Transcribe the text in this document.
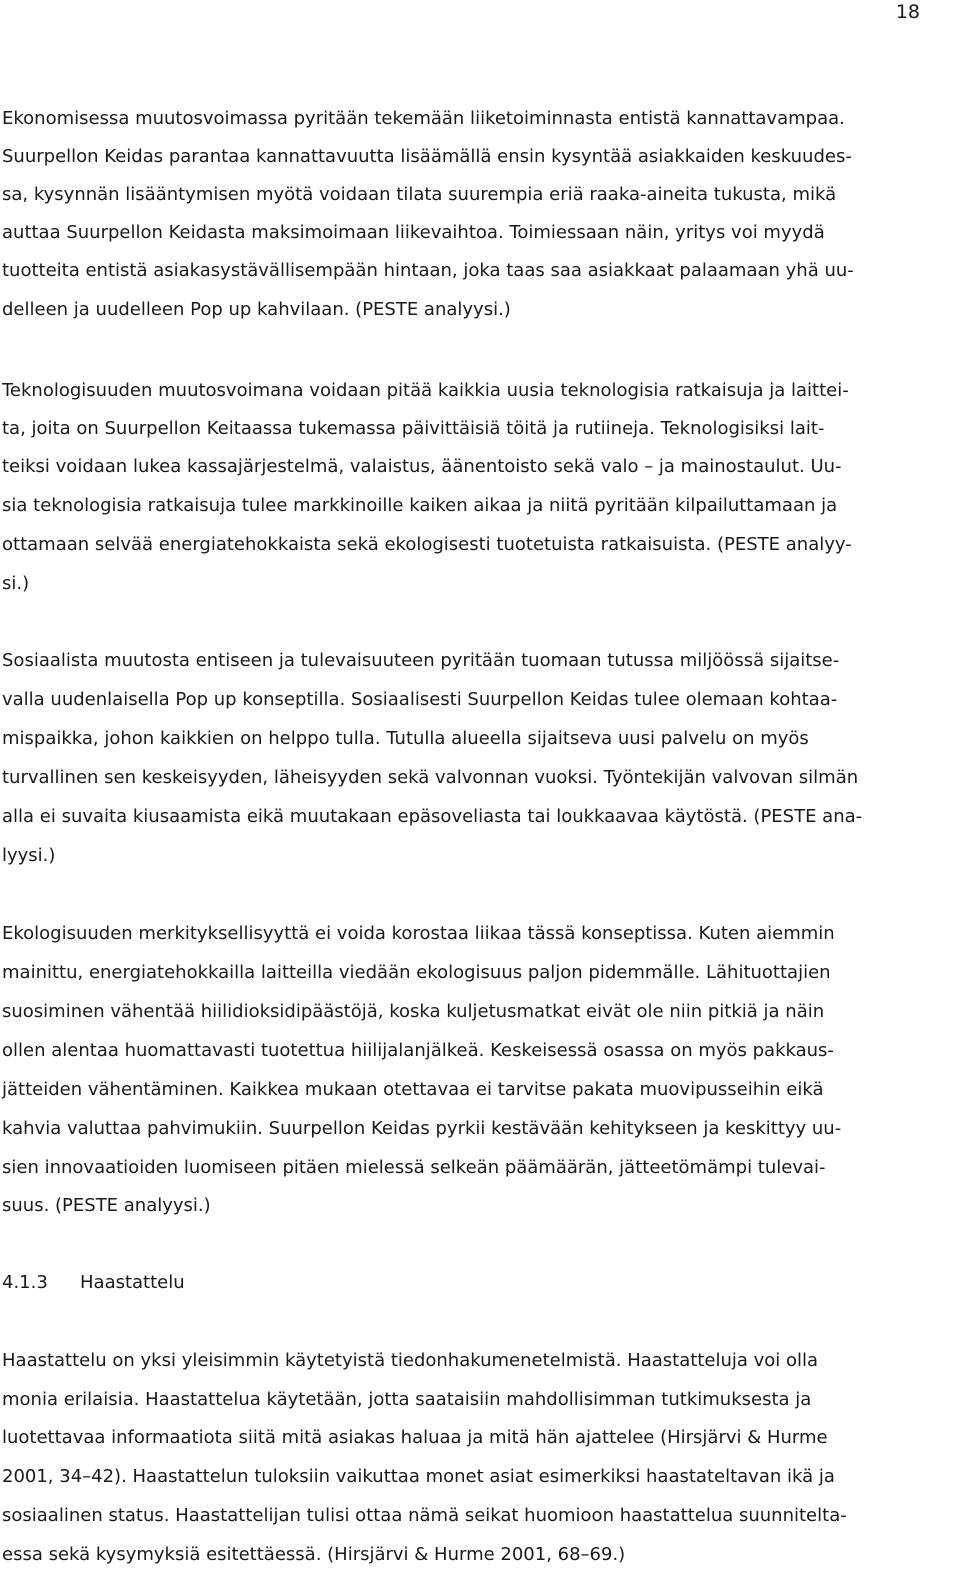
18
Ekonomisessa muutosvoimassa pyritään tekemään liiketoiminnasta entistä kannattavampaa.
Suurpellon Keidas parantaa kannattavuutta lisäämällä ensin kysyntää asiakkaiden keskuudes-
sa, kysynnän lisääntymisen myötä voidaan tilata suurempia eriä raaka-aineita tukusta, mikä
auttaa Suurpellon Keidasta maksimoimaan liikevaihtoa. Toimiessaan näin, yritys voi myydä
tuotteita entistä asiakasystävällisempään hintaan, joka taas saa asiakkaat palaamaan yhä uu-
delleen ja uudelleen Pop up kahvilaan. (PESTE analyysi.)
Teknologisuuden muutosvoimana voidaan pitää kaikkia uusia teknologisia ratkaisuja ja laittei-
ta, joita on Suurpellon Keitaassa tukemassa päivittäisiä töitä ja rutiineja. Teknologisiksi lait-
teiksi voidaan lukea kassajärjestelmä, valaistus, äänentoisto sekä valo – ja mainostaulut. Uu-
sia teknologisia ratkaisuja tulee markkinoille kaiken aikaa ja niitä pyritään kilpailuttamaan ja
ottamaan selvää energiatehokkaista sekä ekologisesti tuotetuista ratkaisuista. (PESTE analyy-
si.)
Sosiaalista muutosta entiseen ja tulevaisuuteen pyritään tuomaan tutussa miljöössä sijaitse-
valla uudenlaisella Pop up konseptilla. Sosiaalisesti Suurpellon Keidas tulee olemaan kohtaa-
mispaikka, johon kaikkien on helppo tulla. Tutulla alueella sijaitseva uusi palvelu on myös
turvallinen sen keskeisyyden, läheisyyden sekä valvonnan vuoksi. Työntekijän valvovan silmän
alla ei suvaita kiusaamista eikä muutakaan epäsoveliasta tai loukkaavaa käytöstä. (PESTE ana-
lyysi.)
Ekologisuuden merkityksellisyyttä ei voida korostaa liikaa tässä konseptissa. Kuten aiemmin
mainittu, energiatehokkailla laitteilla viedään ekologisuus paljon pidemmälle. Lähituottajien
suosiminen vähentää hiilidioksidipäästöjä, koska kuljetusmatkat eivät ole niin pitkiä ja näin
ollen alentaa huomattavasti tuotettua hiilijalanjälkeä. Keskeisessä osassa on myös pakkaus-
jätteiden vähentäminen. Kaikkea mukaan otettavaa ei tarvitse pakata muovipusseihin eikä
kahvia valuttaa pahvimukiin. Suurpellon Keidas pyrkii kestävään kehitykseen ja keskittyy uu-
sien innovaatioiden luomiseen pitäen mielessä selkeän päämäärän, jätteetömämpi tulevai-
suus. (PESTE analyysi.)
4.1.3 Haastattelu
Haastattelu on yksi yleisimmin käytetyistä tiedonhakumenetelmistä. Haastatteluja voi olla
monia erilaisia. Haastattelua käytetään, jotta saataisiin mahdollisimman tutkimuksesta ja
luotettavaa informaatiota siitä mitä asiakas haluaa ja mitä hän ajattelee (Hirsjärvi & Hurme
2001, 34–42). Haastattelun tuloksiin vaikuttaa monet asiat esimerkiksi haastateltavan ikä ja
sosiaalinen status. Haastattelijan tulisi ottaa nämä seikat huomioon haastattelua suunnitelta-
essa sekä kysymyksiä esitettäessä. (Hirsjärvi & Hurme 2001, 68–69.)
